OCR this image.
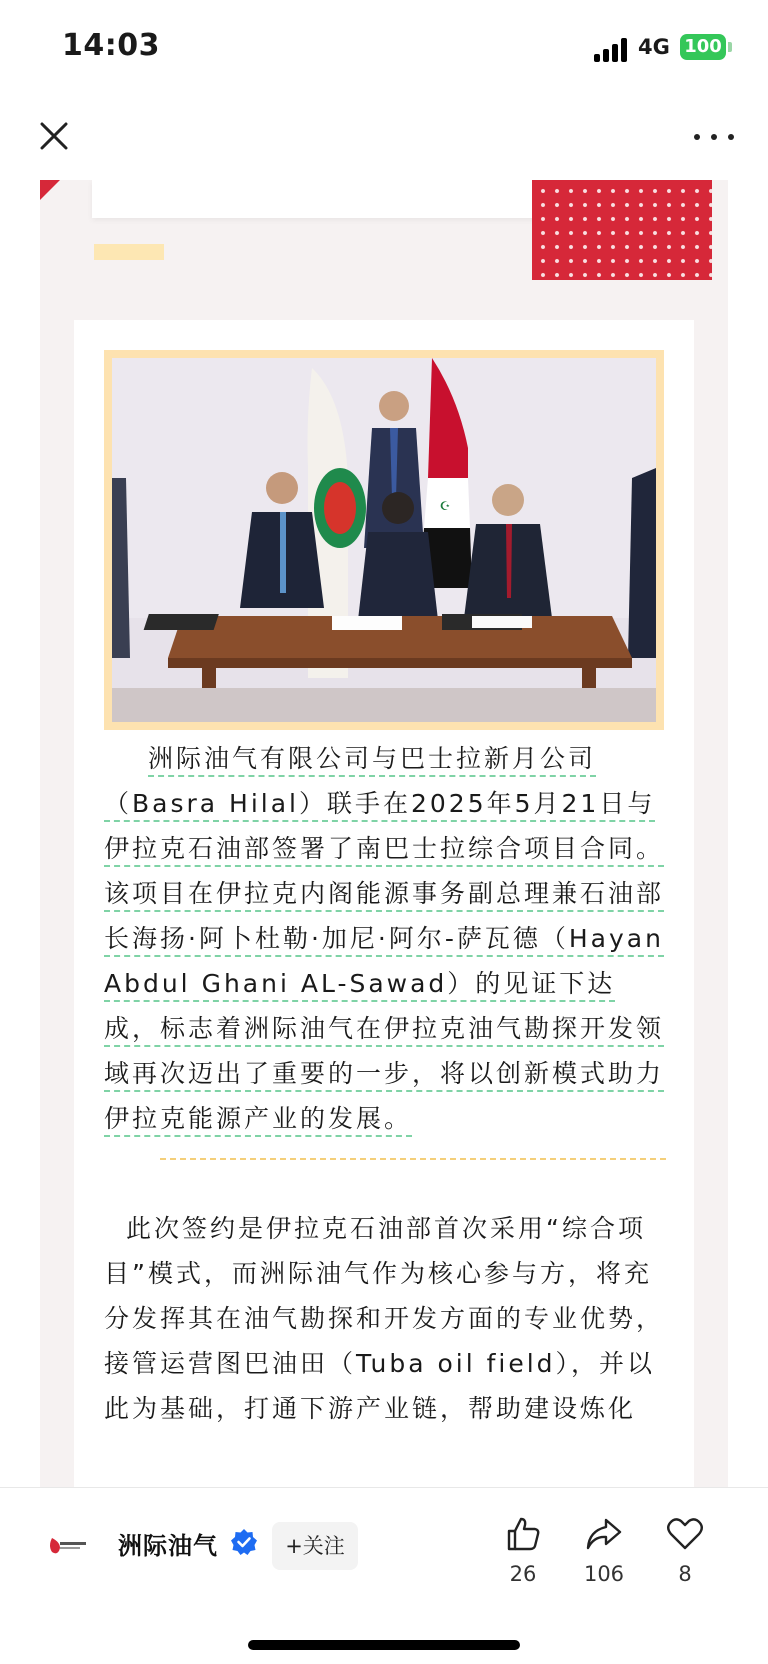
14:03	4G 100
☪
洲际油气有限公司与巴士拉新月公司（Basra Hilal）联手在2025年5月21日与伊拉克石油部签署了南巴士拉综合项目合同。该项目在伊拉克内阁能源事务副总理兼石油部长海扬·阿卜杜勒·加尼·阿尔-萨瓦德（Hayan Abdul Ghani AL-Sawad）的见证下达成，标志着洲际油气在伊拉克油气勘探开发领域再次迈出了重要的一步，将以创新模式助力伊拉克能源产业的发展。
此次签约是伊拉克石油部首次采用“综合项目”模式，而洲际油气作为核心参与方，将充分发挥其在油气勘探和开发方面的专业优势，接管运营图巴油田（Tuba oil field），并以此为基础，打通下游产业链，帮助建设炼化
洲际油气	+关注
26	106	8
